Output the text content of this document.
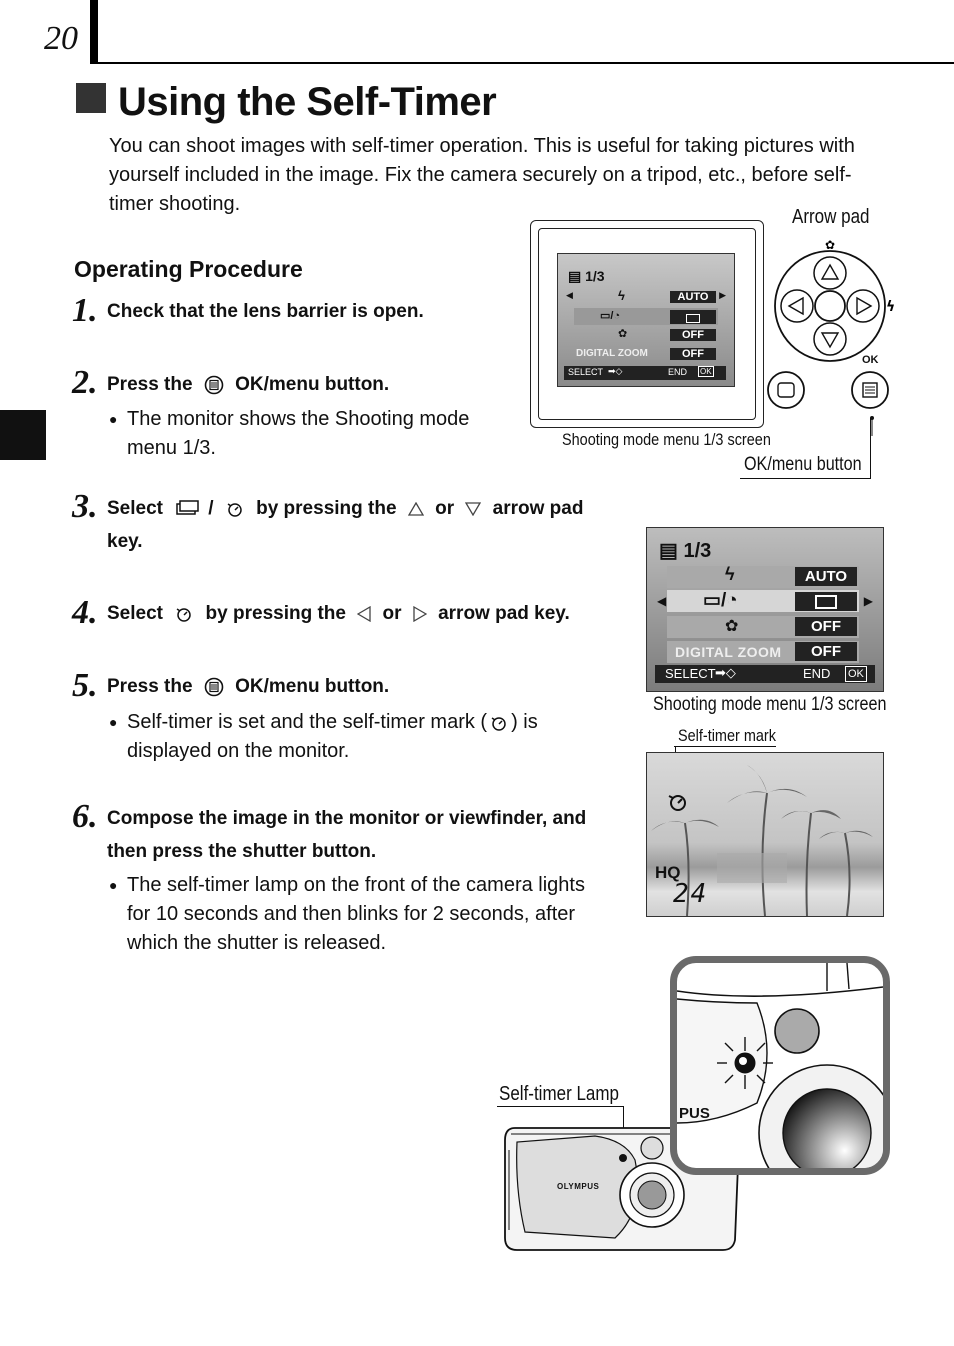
20
Using the Self-Timer
You can shoot images with self-timer operation. This is useful for taking pictures with yourself included in the image. Fix the camera securely on a tripod, etc., before self-timer shooting.
Operating Procedure
1. Check that the lens barrier is open.
2. Press the OK/menu button.
● The monitor shows the Shooting mode menu 1/3.
3. Select / by pressing the or arrow pad
key.
4. Select by pressing the or arrow pad key.
5. Press the OK/menu button.
● Self-timer is set and the self-timer mark ( ) is
displayed on the monitor.
6. Compose the image in the monitor or viewfinder, and
then press the shutter button.
● The self-timer lamp on the front of the camera lights for 10 seconds and then blinks for 2 seconds, after which the shutter is released.
Arrow pad
▤ 1/3
◀	▶
ϟ	AUTO
▭/◔
✿	OFF
DIGITAL ZOOM	OFF
SELECT ➡◇	END OK
✿
ϟ
OK
Shooting mode menu 1/3 screen
OK/menu button
▤ 1/3
ϟ	AUTO
◀	▶
▭/◔
✿	OFF
DIGITAL ZOOM	OFF
SELECT ➡◇	END OK
Shooting mode menu 1/3 screen
Self-timer mark
HQ
24
Self-timer Lamp
OLYMPUS
PUS
